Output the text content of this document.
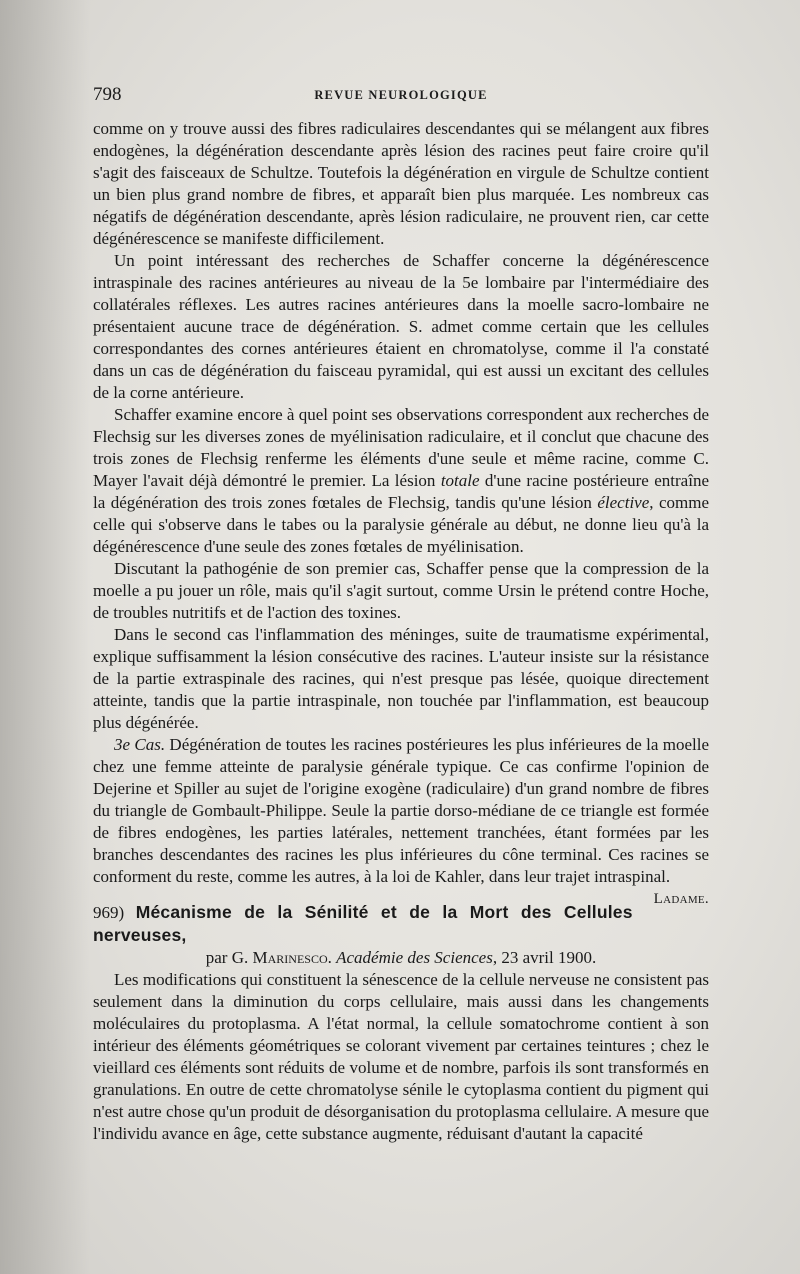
798	REVUE NEUROLOGIQUE

comme on y trouve aussi des fibres radiculaires descendantes qui se mélangent aux fibres endogènes, la dégénération descendante après lésion des racines peut faire croire qu'il s'agit des faisceaux de Schultze. Toutefois la dégénération en virgule de Schultze contient un bien plus grand nombre de fibres, et apparaît bien plus marquée. Les nombreux cas négatifs de dégénération descendante, après lésion radiculaire, ne prouvent rien, car cette dégénérescence se manifeste difficilement.

Un point intéressant des recherches de Schaffer concerne la dégénérescence intraspinale des racines antérieures au niveau de la 5e lombaire par l'intermédiaire des collatérales réflexes. Les autres racines antérieures dans la moelle sacro-lombaire ne présentaient aucune trace de dégénération. S. admet comme certain que les cellules correspondantes des cornes antérieures étaient en chromatolyse, comme il l'a constaté dans un cas de dégénération du faisceau pyramidal, qui est aussi un excitant des cellules de la corne antérieure.

Schaffer examine encore à quel point ses observations correspondent aux recherches de Flechsig sur les diverses zones de myélinisation radiculaire, et il conclut que chacune des trois zones de Flechsig renferme les éléments d'une seule et même racine, comme C. Mayer l'avait déjà démontré le premier. La lésion totale d'une racine postérieure entraîne la dégénération des trois zones fœtales de Flechsig, tandis qu'une lésion élective, comme celle qui s'observe dans le tabes ou la paralysie générale au début, ne donne lieu qu'à la dégénérescence d'une seule des zones fœtales de myélinisation.

Discutant la pathogénie de son premier cas, Schaffer pense que la compression de la moelle a pu jouer un rôle, mais qu'il s'agit surtout, comme Ursin le prétend contre Hoche, de troubles nutritifs et de l'action des toxines.

Dans le second cas l'inflammation des méninges, suite de traumatisme expérimental, explique suffisamment la lésion consécutive des racines. L'auteur insiste sur la résistance de la partie extraspinale des racines, qui n'est presque pas lésée, quoique directement atteinte, tandis que la partie intraspinale, non touchée par l'inflammation, est beaucoup plus dégénérée.

3e Cas. Dégénération de toutes les racines postérieures les plus inférieures de la moelle chez une femme atteinte de paralysie générale typique. Ce cas confirme l'opinion de Dejerine et Spiller au sujet de l'origine exogène (radiculaire) d'un grand nombre de fibres du triangle de Gombault-Philippe. Seule la partie dorso-médiane de ce triangle est formée de fibres endogènes, les parties latérales, nettement tranchées, étant formées par les branches descendantes des racines les plus inférieures du cône terminal. Ces racines se conforment du reste, comme les autres, à la loi de Kahler, dans leur trajet intraspinal.
Ladame.

969) Mécanisme de la Sénilité et de la Mort des Cellules nerveuses,
par G. Marinesco. Académie des Sciences, 23 avril 1900.

Les modifications qui constituent la sénescence de la cellule nerveuse ne consistent pas seulement dans la diminution du corps cellulaire, mais aussi dans les changements moléculaires du protoplasma. A l'état normal, la cellule somatochrome contient à son intérieur des éléments géométriques se colorant vivement par certaines teintures ; chez le vieillard ces éléments sont réduits de volume et de nombre, parfois ils sont transformés en granulations. En outre de cette chromatolyse sénile le cytoplasma contient du pigment qui n'est autre chose qu'un produit de désorganisation du protoplasma cellulaire. A mesure que l'individu avance en âge, cette substance augmente, réduisant d'autant la capacité
